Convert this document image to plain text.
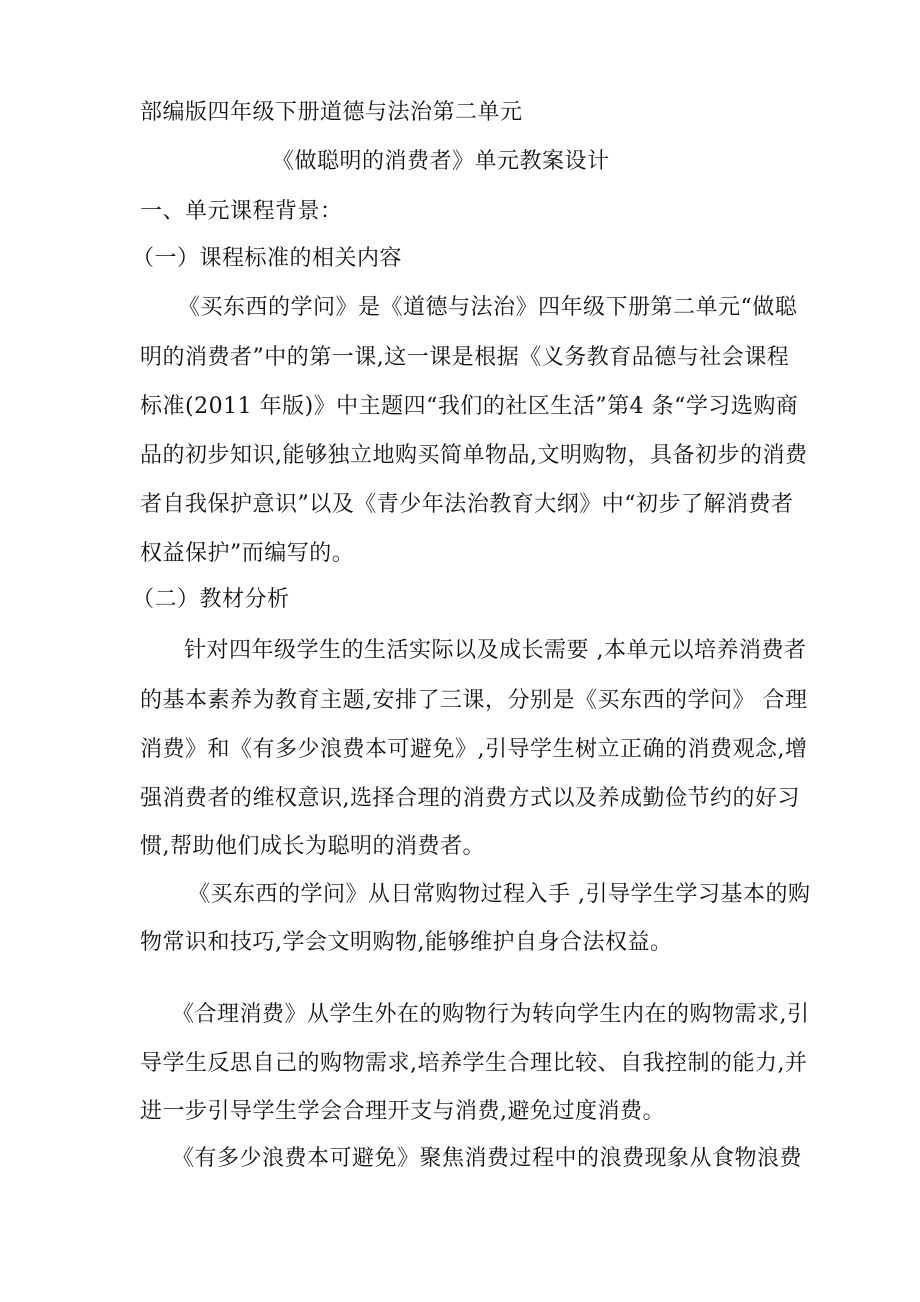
部编版四年级下册道德与法治第二单元
《做聪明的消费者》单元教案设计
一、单元课程背景：
（一）课程标准的相关内容
《买东西的学问》是《道德与法治》四年级下册第二单元“做聪
明的消费者”中的第一课,这一课是根据《义务教育品德与社会课程
标准(2011 年版)》中主题四“我们的社区生活”第4 条“学习选购商
品的初步知识,能够独立地购买简单物品,文明购物，具备初步的消费
者自我保护意识”以及《青少年法治教育大纲》中“初步了解消费者
权益保护”而编写的。
（二）教材分析
针对四年级学生的生活实际以及成长需要 ,本单元以培养消费者
的基本素养为教育主题,安排了三课，分别是《买东西的学问》 合理
消费》和《有多少浪费本可避免》,引导学生树立正确的消费观念,增
强消费者的维权意识,选择合理的消费方式以及养成勤俭节约的好习
惯,帮助他们成长为聪明的消费者。
《买东西的学问》从日常购物过程入手 ,引导学生学习基本的购
物常识和技巧,学会文明购物,能够维护自身合法权益。
《合理消费》从学生外在的购物行为转向学生内在的购物需求,引
导学生反思自己的购物需求,培养学生合理比较、自我控制的能力,并
进一步引导学生学会合理开支与消费,避免过度消费。
《有多少浪费本可避免》聚焦消费过程中的浪费现象从食物浪费
